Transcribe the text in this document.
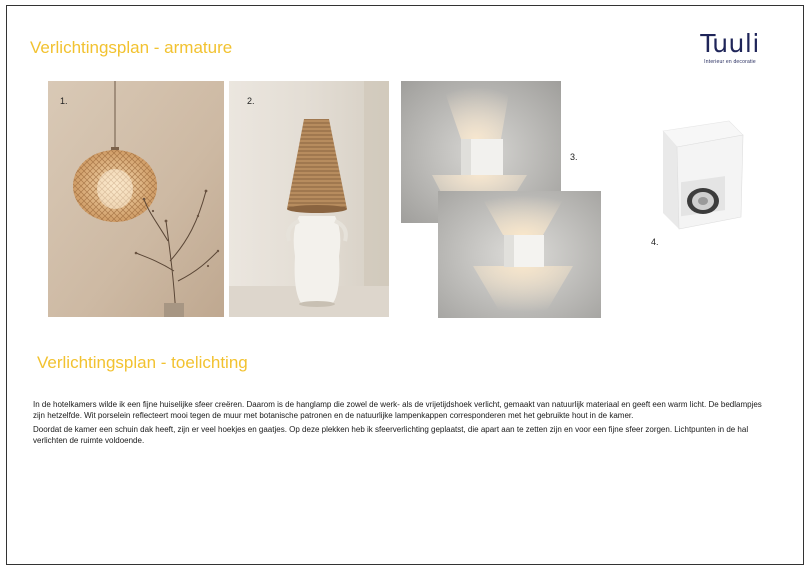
Verlichtingsplan - armature	Tuuli
Interieur en decoratie
1.	2.
3.
4.
Verlichtingsplan - toelichting

In de hotelkamers wilde ik een fijne huiselijke sfeer creëren. Daarom is de hanglamp die zowel de werk- als de vrijetijdshoek verlicht, gemaakt van natuurlijk materiaal en geeft een warm licht. De bedlampjes zijn hetzelfde. Wit porselein reflecteert mooi tegen de muur met botanische patronen en de natuurlijke lampenkappen corresponderen met het gebruikte hout in de kamer.

Doordat de kamer een schuin dak heeft, zijn er veel hoekjes en gaatjes. Op deze plekken heb ik sfeerverlichting geplaatst, die apart aan te zetten zijn en voor een fijne sfeer zorgen. Lichtpunten in de hal verlichten de ruimte voldoende.
